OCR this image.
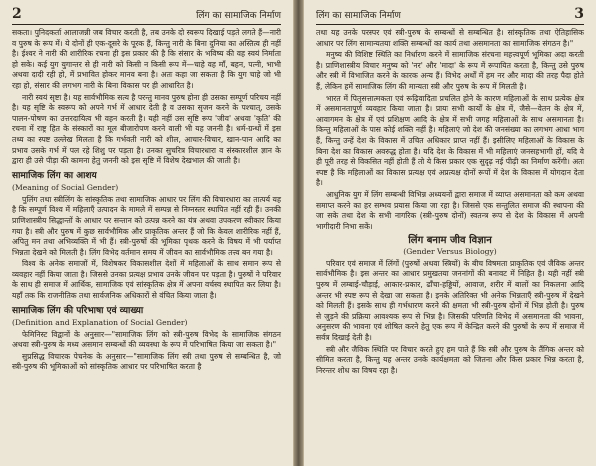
2	लिंग का सामाजिक निर्माण

सकता। पुनिदकर्ता आलाजन्नी जब विचार करती है, तब उनके दो स्वरूप दिखाई पड़ते लगते हैं—नारी व पुरुष के रूप में। ये दोनों ही एक-दूसरे के पूरक हैं, किन्तु नारी के बिना दुनिया का अस्तित्व ही नहीं है। ईश्वर ने नारी की शारीरिक रचना ही इस प्रकार की है कि संसार के भविष्य की वह स्वयं निर्माता हो सके। कई युग युगान्तर से ही नारी को किसी न किसी रूप में—चाहे वह माँ, बहन, पत्नी, भाभी अथवा दादी रही हो, में प्रभावित होकर मानव बना है। अतः कहा जा सकता है कि युग चाहे जो भी रहा हो, संसार की लगभग नारी के बिना विकास पर ही आधारित है।

नारी स्वयं सृष्टा है। यह सार्वभौमिक सत्य है परन्तु मानव पुरुष होना ही उसका सम्पूर्ण परिचय नहीं है। यह सृष्टि के स्वरूप को अपने गर्भ में आधार देती है व उसका सृजन करने के पश्चात्, उसके पालन-पोषण का उत्तरदायित्व भी वहन करती है। यही नहीं उस सृष्टि रूप 'जीव' अथवा 'कृति' की रचना में राष्ट्र हित के संस्कारों का मूल बीजारोपण करने वाली भी यह जननी है। धर्म-ग्रन्थों में इस तथ्य का स्पष्ट उल्लेख मिलता है कि गर्भवती नारी को शील, आचार-विचार, खान-पान आदि का प्रभाव उसके गर्भ में पल रहे शिशु पर पड़ता है। उनका सुचरित्र विचारधारा व संस्कारशील ज्ञान के द्वारा ही उसे पीड़ा की कामना हेतु जननी को इस सृष्टि में विशेष देखभाल की जाती है।

सामाजिक लिंग का आशय
(Meaning of Social Gender)

पुलिंग तथा स्त्रीलिंग के सांस्कृतिक तथा सामाजिक आधार पर लिंग की विचारधारा का तात्पर्य यह है कि सम्पूर्ण विश्व में महिलाएँ उत्पादन के मामले में सम्पन्न से निम्नस्तर स्थापित नहीं रही हैं। उनकी प्राणिशास्त्रीय सिद्धान्तों के आधार पर सन्तान को उत्पन्न करने का यंत्र अथवा उपकरण स्वीकार किया गया है। स्त्री और पुरुष में कुछ सार्वभौमिक और प्राकृतिक अन्तर हैं जो कि केवल शारीरिक नहीं हैं, अपितु मन तथा अभिव्यक्ति में भी हैं। स्त्री-पुरुषों की भूमिका पृथक करने के विषय में भी पर्याप्त भिन्नता देखने को मिलती है। लिंग विभेद वर्तमान समय में जीवन का सार्वभौमिक तत्त्व बन गया है।

विश्व के अनेक समाजों में, विशेषकर विकासशील देशों में महिलाओं के साथ समान रूप से व्यवहार नहीं किया जाता है। जिससे उनका प्रत्यक्ष प्रभाव उनके जीवन पर पड़ता है। पुरुषों ने परिवार के साथ ही समाज में आर्थिक, सामाजिक एवं सांस्कृतिक क्षेत्र में अपना वर्चस्व स्थापित कर लिया है। यहाँ तक कि राजनीतिक तथा सार्वजनिक अधिकारों से वंचित किया जाता है।

सामाजिक लिंग की परिभाषा एवं व्याख्या
(Definition and Explanation of Social Gender)

फेमिनिस्ट विद्वानों के अनुसार—"सामाजिक लिंग को स्त्री-पुरुष विभेद के सामाजिक संगठन अथवा स्त्री-पुरुष के मध्य असमान सम्बन्धों की व्यवस्था के रूप में परिभाषित किया जा सकता है।"

सुप्रसिद्ध विचारक पेचनेक के अनुसार—"सामाजिक लिंग स्त्री तथा पुरुष से सम्बन्धित है, जो स्त्री-पुरुष की भूमिकाओं को सांस्कृतिक आधार पर परिभाषित करता है

लिंग का सामाजिक निर्माण	3

तथा यह उनके परस्पर एवं स्त्री-पुरुष के सम्बन्धों से सम्बन्धित है। सांस्कृतिक तथा ऐतिहासिक आधार पर लिंग सामान्यतया शक्ति सम्बन्धों का कार्य तथा असमानता का सामाजिक संगठन है।"

मनुष्य की विशिष्ट स्थिति का निर्धारण करने में सामाजिक संरचना महत्त्वपूर्ण भूमिका अदा करती है। प्राणिशास्त्रीय विचार मनुष्य को 'नर' और 'मादा' के रूप में रूपायित करता है, किन्तु उसे पुरुष और स्त्री में विभाजित करने के कारक अन्य हैं। विभेद अर्थों में हम नर और मादा की तरह पैदा होते हैं, लेकिन हमें सामाजिक लिंग की मान्यता स्त्री और पुरुष के रूप में मिलती है।

भारत में पितृसत्तात्मकता एवं रूढ़िवादिता प्रचलित होने के कारण महिलाओं के साथ प्रत्येक क्षेत्र में असमानतापूर्ण व्यवहार किया जाता है। प्रायः सभी कार्यों के क्षेत्र में, जैसे—वेतन के क्षेत्र में, आवागमन के क्षेत्र में एवं प्रशिक्षण आदि के क्षेत्र में सभी जगह महिलाओं के साथ असमानता है। किन्तु महिलाओं के पास कोई शक्ति नहीं है। महिलाएं जो देश की जनसंख्या का लगभग आधा भाग हैं, किन्तु उन्हें देश के विकास में उचित अधिकार प्राप्त नहीं हैं। इसीलिए महिलाओं के विकास के बिना देश का विकास अवरुद्ध होता है। यदि देश के विकास में भी महिलाएं जनसहभागी हों, यदि वे ही पूरी तरह से विकसित नहीं होती हैं तो ये किस प्रकार एक सुदृढ़ नई पीढ़ी का निर्माण करेंगी। अतः स्पष्ट है कि महिलाओं का विकास प्रत्यक्ष एवं अप्रत्यक्ष दोनों रूपों में देश के विकास में योगदान देता है।

आधुनिक युग में लिंग सम्बन्धी विभिन्न अध्ययनों द्वारा समाज में व्याप्त असमानता को कम अथवा समाप्त करने का हर सम्भव प्रयास किया जा रहा है। जिससे एक सन्तुलित समाज की स्थापना की जा सके तथा देश के सभी नागरिक (स्त्री-पुरुष दोनों) स्वतन्त्र रूप से देश के विकास में अपनी भागीदारी निभा सकें।

लिंग बनाम जीव विज्ञान
(Gender Versus Biology)

परिवार एवं समाज में लिंगों (पुरुषों अथवा स्त्रियों) के बीच विषमता प्राकृतिक एवं जैविक अन्तर सार्वभौमिक है। इस अन्तर का आधार प्रमुखतया जननांगों की बनावट में निहित है। यही नहीं स्त्री पुरुष में लम्बाई-चौड़ाई, आकार-प्रकार, ढाँचा-हड्डियों, आवाज, शरीर में बालों का निकलना आदि अन्तर भी स्पष्ट रूप से देखा जा सकता है। इनके अतिरिक्त भी अनेक भिन्नताएँ स्त्री-पुरुष में देखने को मिलती हैं। इसके साथ ही गर्भधारण करने की क्षमता भी स्त्री-पुरुष दोनों में भिन्न होती है। पुरुष से जुड़ने की प्रक्रिया आवश्यक रूप से भिन्न है। जिसकी परिणति विभेद में असमानता की भावना, अनुसरण की भावना एवं शोषित करने हेतु एक रूप में केन्द्रित करने की पुरुषों के रूप में समाज में सर्वत्र दिखाई देती है।

स्त्री और जैविक स्थिति पर विचार करते हुए हम पाते हैं कि स्त्री और पुरुष के तैंगिक अन्तर को सीमित करता है, किन्तु यह अन्तर उनके कार्यक्षमता को जितना और किस प्रकार भिन्न करता है, निरन्तर शोध का विषय रहा है।
